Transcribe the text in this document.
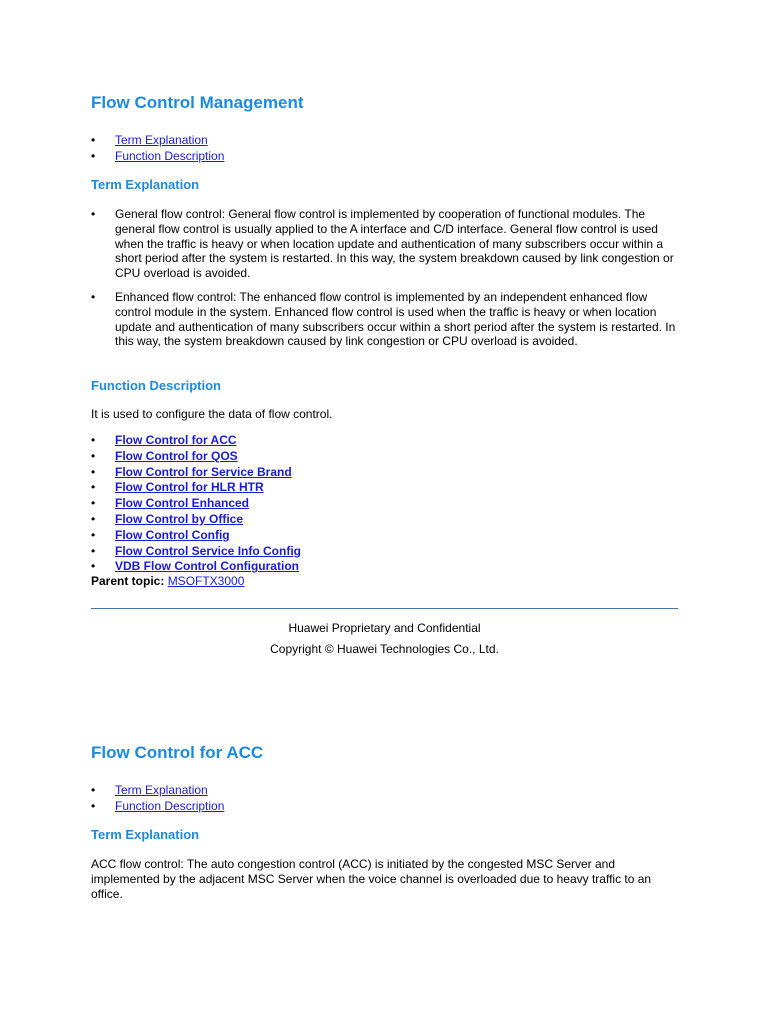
Flow Control Management
• Term Explanation
• Function Description
Term Explanation
• General flow control: General flow control is implemented by cooperation of functional modules. The general flow control is usually applied to the A interface and C/D interface. General flow control is used when the traffic is heavy or when location update and authentication of many subscribers occur within a short period after the system is restarted. In this way, the system breakdown caused by link congestion or CPU overload is avoided.
• Enhanced flow control: The enhanced flow control is implemented by an independent enhanced flow control module in the system. Enhanced flow control is used when the traffic is heavy or when location update and authentication of many subscribers occur within a short period after the system is restarted. In this way, the system breakdown caused by link congestion or CPU overload is avoided.
Function Description
It is used to configure the data of flow control.
• Flow Control for ACC
• Flow Control for QOS
• Flow Control for Service Brand
• Flow Control for HLR HTR
• Flow Control Enhanced
• Flow Control by Office
• Flow Control Config
• Flow Control Service Info Config
• VDB Flow Control Configuration
Parent topic: MSOFTX3000
Huawei Proprietary and Confidential
Copyright © Huawei Technologies Co., Ltd.
Flow Control for ACC
• Term Explanation
• Function Description
Term Explanation
ACC flow control: The auto congestion control (ACC) is initiated by the congested MSC Server and implemented by the adjacent MSC Server when the voice channel is overloaded due to heavy traffic to an office.
